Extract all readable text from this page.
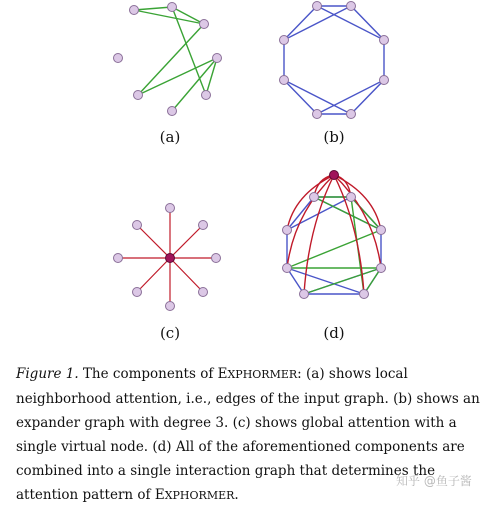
(a)	(b)
(c)	(d)

Figure 1. The components of EXPHORMER: (a) shows local neighborhood attention, i.e., edges of the input graph. (b) shows an expander graph with degree 3. (c) shows global attention with a single virtual node. (d) All of the aforementioned components are combined into a single interaction graph that determines the attention pattern of EXPHORMER.

知乎 @鱼子酱
